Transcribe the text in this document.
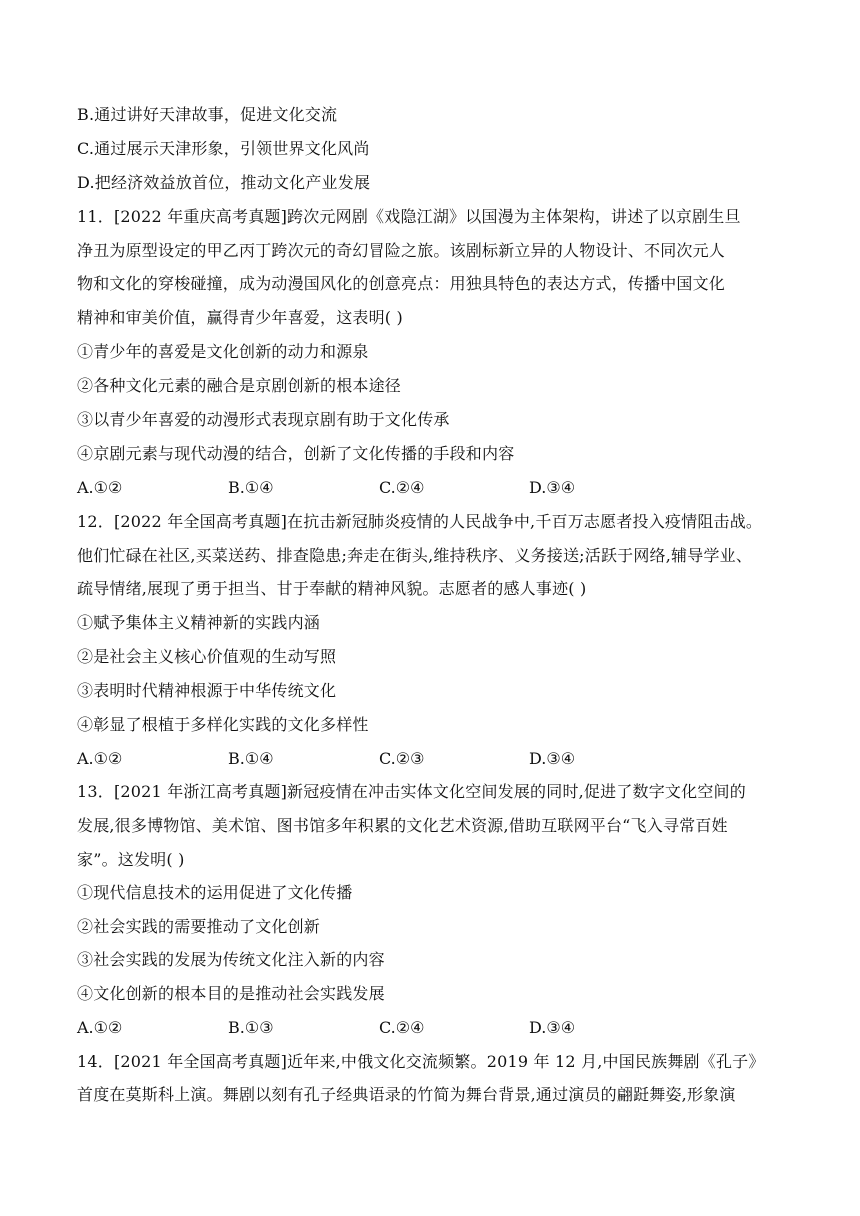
B.通过讲好天津故事，促进文化交流
C.通过展示天津形象，引领世界文化风尚
D.把经济效益放首位，推动文化产业发展
11．[2022 年重庆高考真题]跨次元网剧《戏隐江湖》以国漫为主体架构，讲述了以京剧生旦
净丑为原型设定的甲乙丙丁跨次元的奇幻冒险之旅。该剧标新立异的人物设计、不同次元人
物和文化的穿梭碰撞，成为动漫国风化的创意亮点：用独具特色的表达方式，传播中国文化
精神和审美价值，赢得青少年喜爱，这表明( )
①青少年的喜爱是文化创新的动力和源泉
②各种文化元素的融合是京剧创新的根本途径
③以青少年喜爱的动漫形式表现京剧有助于文化传承
④京剧元素与现代动漫的结合，创新了文化传播的手段和内容
A.①②	B.①④	C.②④	D.③④
12．[2022 年全国高考真题]在抗击新冠肺炎疫情的人民战争中,千百万志愿者投入疫情阻击战。
他们忙碌在社区,买菜送药、排查隐患;奔走在街头,维持秩序、义务接送;活跃于网络,辅导学业、
疏导情绪,展现了勇于担当、甘于奉献的精神风貌。志愿者的感人事迹( )
①赋予集体主义精神新的实践内涵
②是社会主义核心价值观的生动写照
③表明时代精神根源于中华传统文化
④彰显了根植于多样化实践的文化多样性
A.①②	B.①④	C.②③	D.③④
13．[2021 年浙江高考真题]新冠疫情在冲击实体文化空间发展的同时,促进了数字文化空间的
发展,很多博物馆、美术馆、图书馆多年积累的文化艺术资源,借助互联网平台“飞入寻常百姓
家”。这发明( )
①现代信息技术的运用促进了文化传播
②社会实践的需要推动了文化创新
③社会实践的发展为传统文化注入新的内容
④文化创新的根本目的是推动社会实践发展
A.①②	B.①③	C.②④	D.③④
14．[2021 年全国高考真题]近年来,中俄文化交流频繁。2019 年 12 月,中国民族舞剧《孔子》
首度在莫斯科上演。舞剧以刻有孔子经典语录的竹简为舞台背景,通过演员的翩跹舞姿,形象演
